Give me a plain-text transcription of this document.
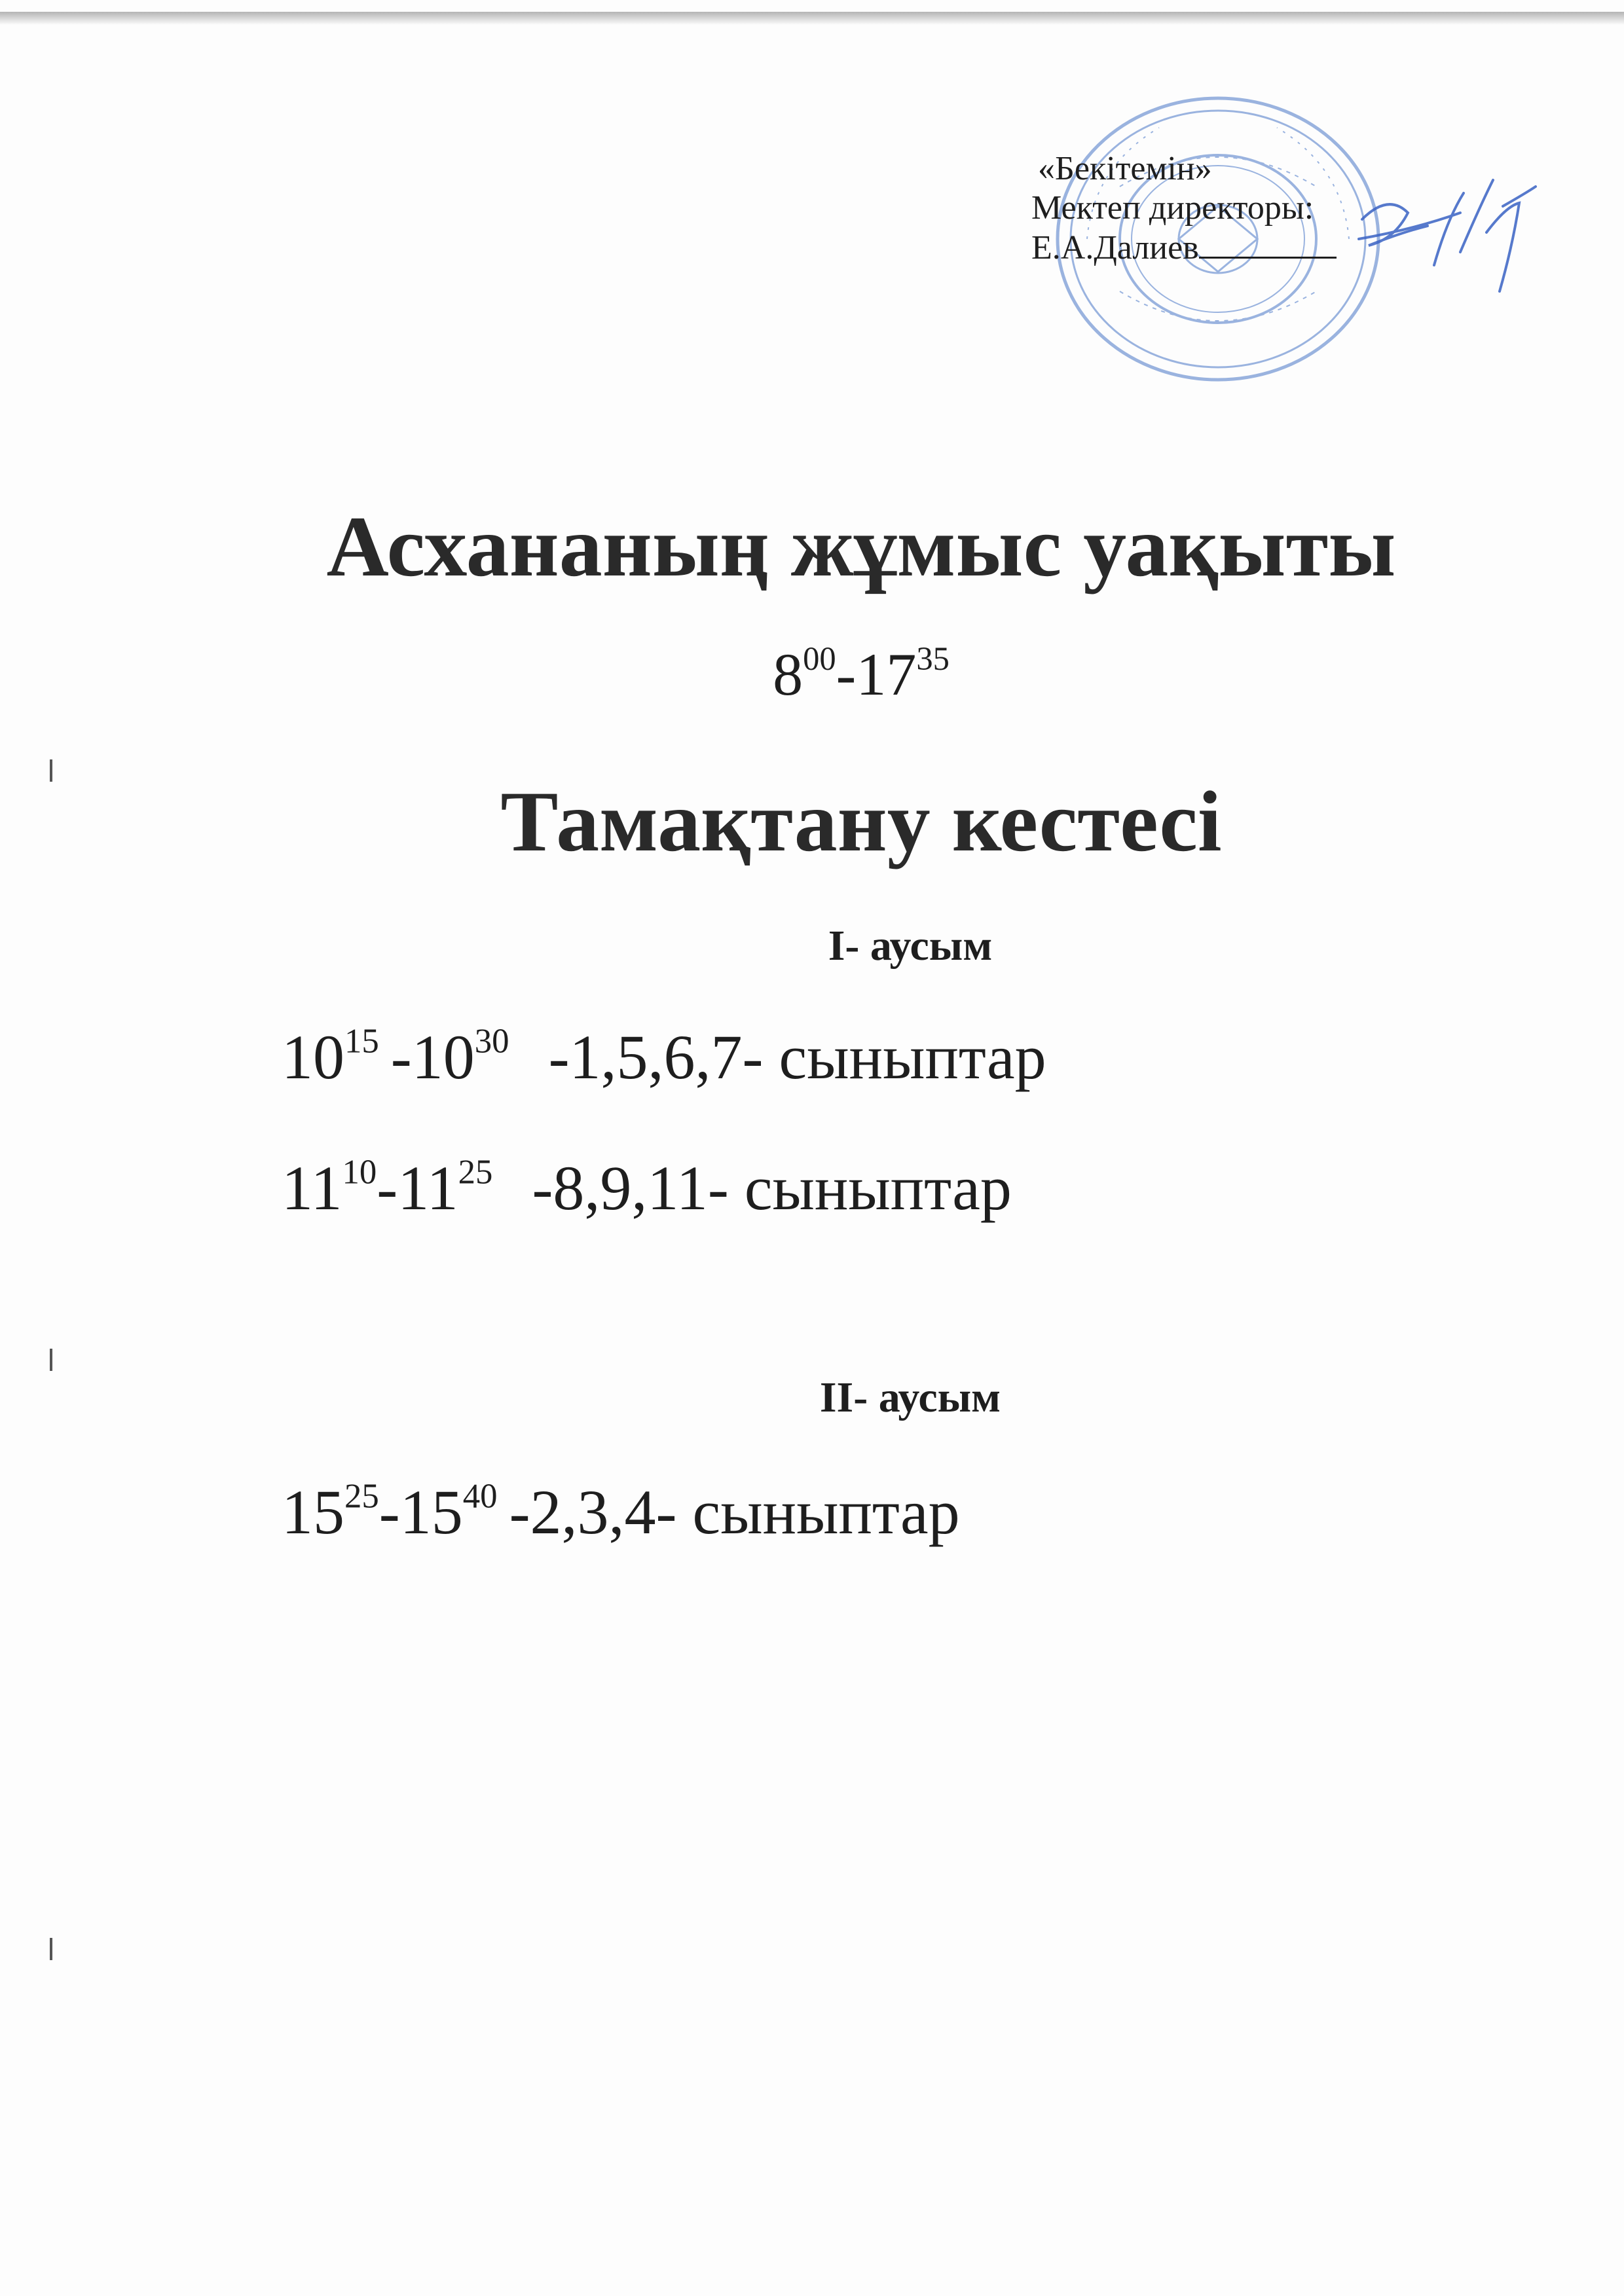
«Бекітемін»
Мектеп директоры:
Е.А.Далиев
Асхананың жұмыс уақыты
$8^{00}-17^{35}$
Тамақтану кестесі
I- аусым
$10^{15}$ $-10^{30}$ -1,5,6,7- сыныптар
$11^{10}-11^{25}$ -8,9,11- сыныптар
II- аусым
$15^{25}-15^{40}$ -2,3,4- сыныптар
